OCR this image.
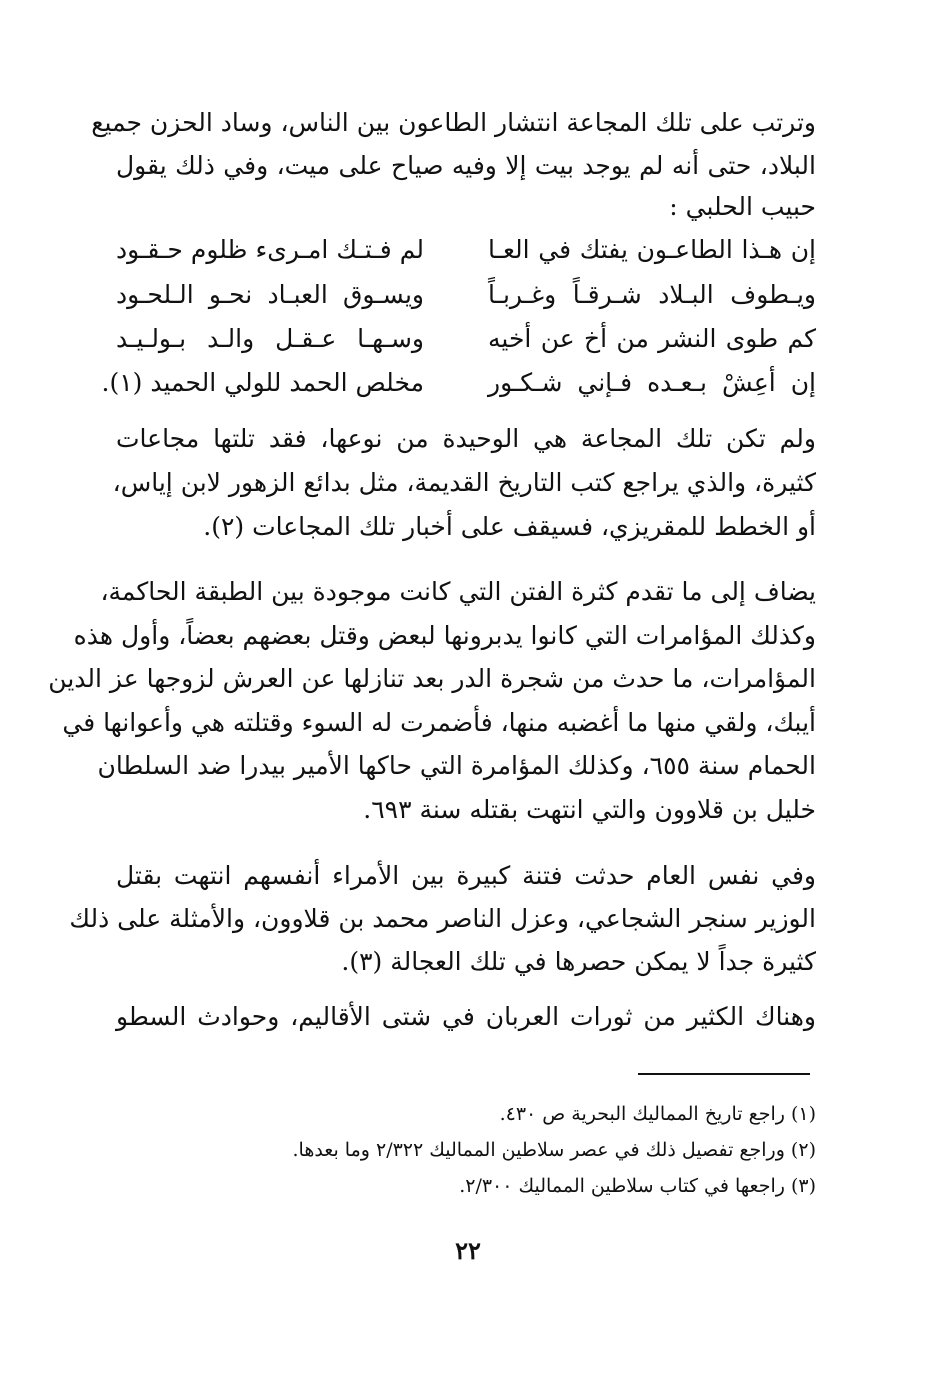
وترتب على تلك المجاعة انتشار الطاعون بين الناس، وساد الحزن جميع
البلاد، حتى أنه لم يوجد بيت إلا وفيه صياح على ميت، وفي ذلك يقول
حبيب الحلبي :
إن هـذا الطاعـون يفتك في العـا
لم فـتـك امـرىء ظلوم حـقـود
ويـطوف البـلاد شـرقـاً وغـربـاً
ويسـوق العبـاد نحـو الـلحـود
كم طوى النشر من أخ عن أخيه
وسـهـا عـقـل والـد بـولـيـد
إن أعِشْ بـعـده فـإني شـكـور
مخلص الحمد للولي الحميد (١).
ولم تكن تلك المجاعة هي الوحيدة من نوعها، فقد تلتها مجاعات
كثيرة، والذي يراجع كتب التاريخ القديمة، مثل بدائع الزهور لابن إياس،
أو الخطط للمقريزي، فسيقف على أخبار تلك المجاعات (٢).
يضاف إلى ما تقدم كثرة الفتن التي كانت موجودة بين الطبقة الحاكمة،
وكذلك المؤامرات التي كانوا يدبرونها لبعض وقتل بعضهم بعضاً، وأول هذه
المؤامرات، ما حدث من شجرة الدر بعد تنازلها عن العرش لزوجها عز الدين
أيبك، ولقي منها ما أغضبه منها، فأضمرت له السوء وقتلته هي وأعوانها في
الحمام سنة ٦٥٥، وكذلك المؤامرة التي حاكها الأمير بيدرا ضد السلطان
خليل بن قلاوون والتي انتهت بقتله سنة ٦٩٣.
وفي نفس العام حدثت فتنة كبيرة بين الأمراء أنفسهم انتهت بقتل
الوزير سنجر الشجاعي، وعزل الناصر محمد بن قلاوون، والأمثلة على ذلك
كثيرة جداً لا يمكن حصرها في تلك العجالة (٣).
وهناك الكثير من ثورات العربان في شتى الأقاليم، وحوادث السطو
(١) راجع تاريخ المماليك البحرية ص ٤٣٠.
(٢) وراجع تفصيل ذلك في عصر سلاطين المماليك ٢/٣٢٢ وما بعدها.
(٣) راجعها في كتاب سلاطين المماليك ٢/٣٠٠.
٢٢
